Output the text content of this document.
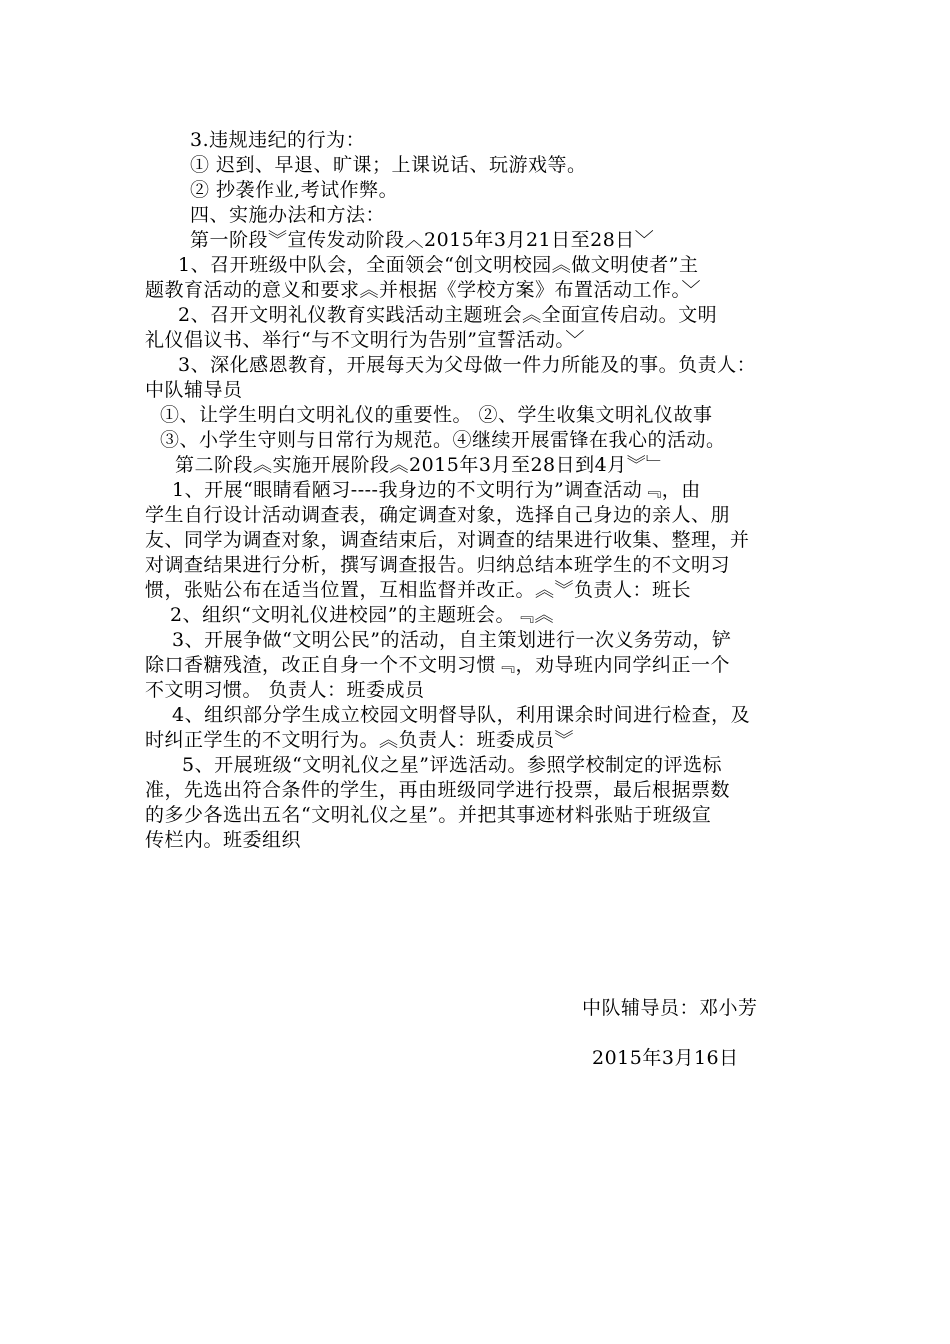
3.违规违纪的行为：
① 迟到、早退、旷课；上课说话、玩游戏等。
② 抄袭作业,考试作弊。
四、实施办法和方法：
第一阶段︾宣传发动阶段︿2015年3月21日至28日﹀
1、召开班级中队会，全面领会“创文明校园︽做文明使者”主
题教育活动的意义和要求︽并根据《学校方案》布置活动工作。﹀
2、召开文明礼仪教育实践活动主题班会︽全面宣传启动。文明
礼仪倡议书、举行“与不文明行为告别”宣誓活动。﹀
3、深化感恩教育，开展每天为父母做一件力所能及的事。负责人：
中队辅导员
①、让学生明白文明礼仪的重要性。 ②、学生收集文明礼仪故事
③、小学生守则与日常行为规范。④继续开展雷锋在我心的活动。
第二阶段︽实施开展阶段︽2015年3月至28日到4月︾﹂
1、开展“眼睛看陋习----我身边的不文明行为”调查活动﹃，由
学生自行设计活动调查表，确定调查对象，选择自己身边的亲人、朋
友、同学为调查对象，调查结束后，对调查的结果进行收集、整理，并
对调查结果进行分析，撰写调查报告。归纳总结本班学生的不文明习
惯，张贴公布在适当位置，互相监督并改正。︽︾负责人：班长
2、组织“文明礼仪进校园”的主题班会。﹃︽
3、开展争做“文明公民”的活动，自主策划进行一次义务劳动，铲
除口香糖残渣，改正自身一个不文明习惯﹃，劝导班内同学纠正一个
不文明习惯。 负责人：班委成员
4、组织部分学生成立校园文明督导队，利用课余时间进行检查，及
时纠正学生的不文明行为。︽负责人：班委成员︾
5、开展班级“文明礼仪之星”评选活动。参照学校制定的评选标
准，先选出符合条件的学生，再由班级同学进行投票，最后根据票数
的多少各选出五名“文明礼仪之星”。并把其事迹材料张贴于班级宣
传栏内。班委组织
中队辅导员：邓小芳
2015年3月16日
